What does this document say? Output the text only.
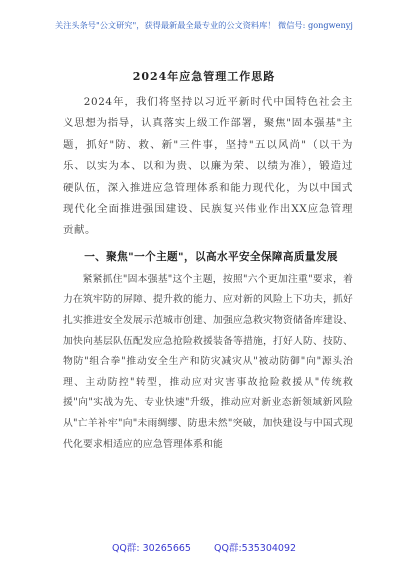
关注头条号"公文研究"，获得最新最全最专业的公文资料库！ 微信号: gongwenyj
2024年应急管理工作思路

2024年，我们将坚持以习近平新时代中国特色社会主义思想为指导，认真落实上级工作部署，聚焦"固本强基"主题，抓好"防、救、新"三件事，坚持"五以风尚"（以干为乐、以实为本、以和为贵、以廉为荣、以绩为准），锻造过硬队伍，深入推进应急管理体系和能力现代化，为以中国式现代化全面推进强国建设、民族复兴伟业作出XX应急管理贡献。

一、聚焦"一个主题"，以高水平安全保障高质量发展

紧紧抓住"固本强基"这个主题，按照"六个更加注重"要求，着力在筑牢防的屏障、提升救的能力、应对新的风险上下功夫，抓好扎实推进安全发展示范城市创建、加强应急救灾物资储备库建设、加快向基层队伍配发应急抢险救援装备等措施，打好人防、技防、物防"组合拳"推动安全生产和防灾减灾从"被动防御"向"源头治理、主动防控"转型，推动应对灾害事故抢险救援从"传统救援"向"实战为先、专业快速"升级，推动应对新业态新领域新风险从"亡羊补牢"向"未雨绸缪、防患未然"突破，加快建设与中国式现代化要求相适应的应急管理体系和能

QQ群: 30265665 QQ群:535304092
